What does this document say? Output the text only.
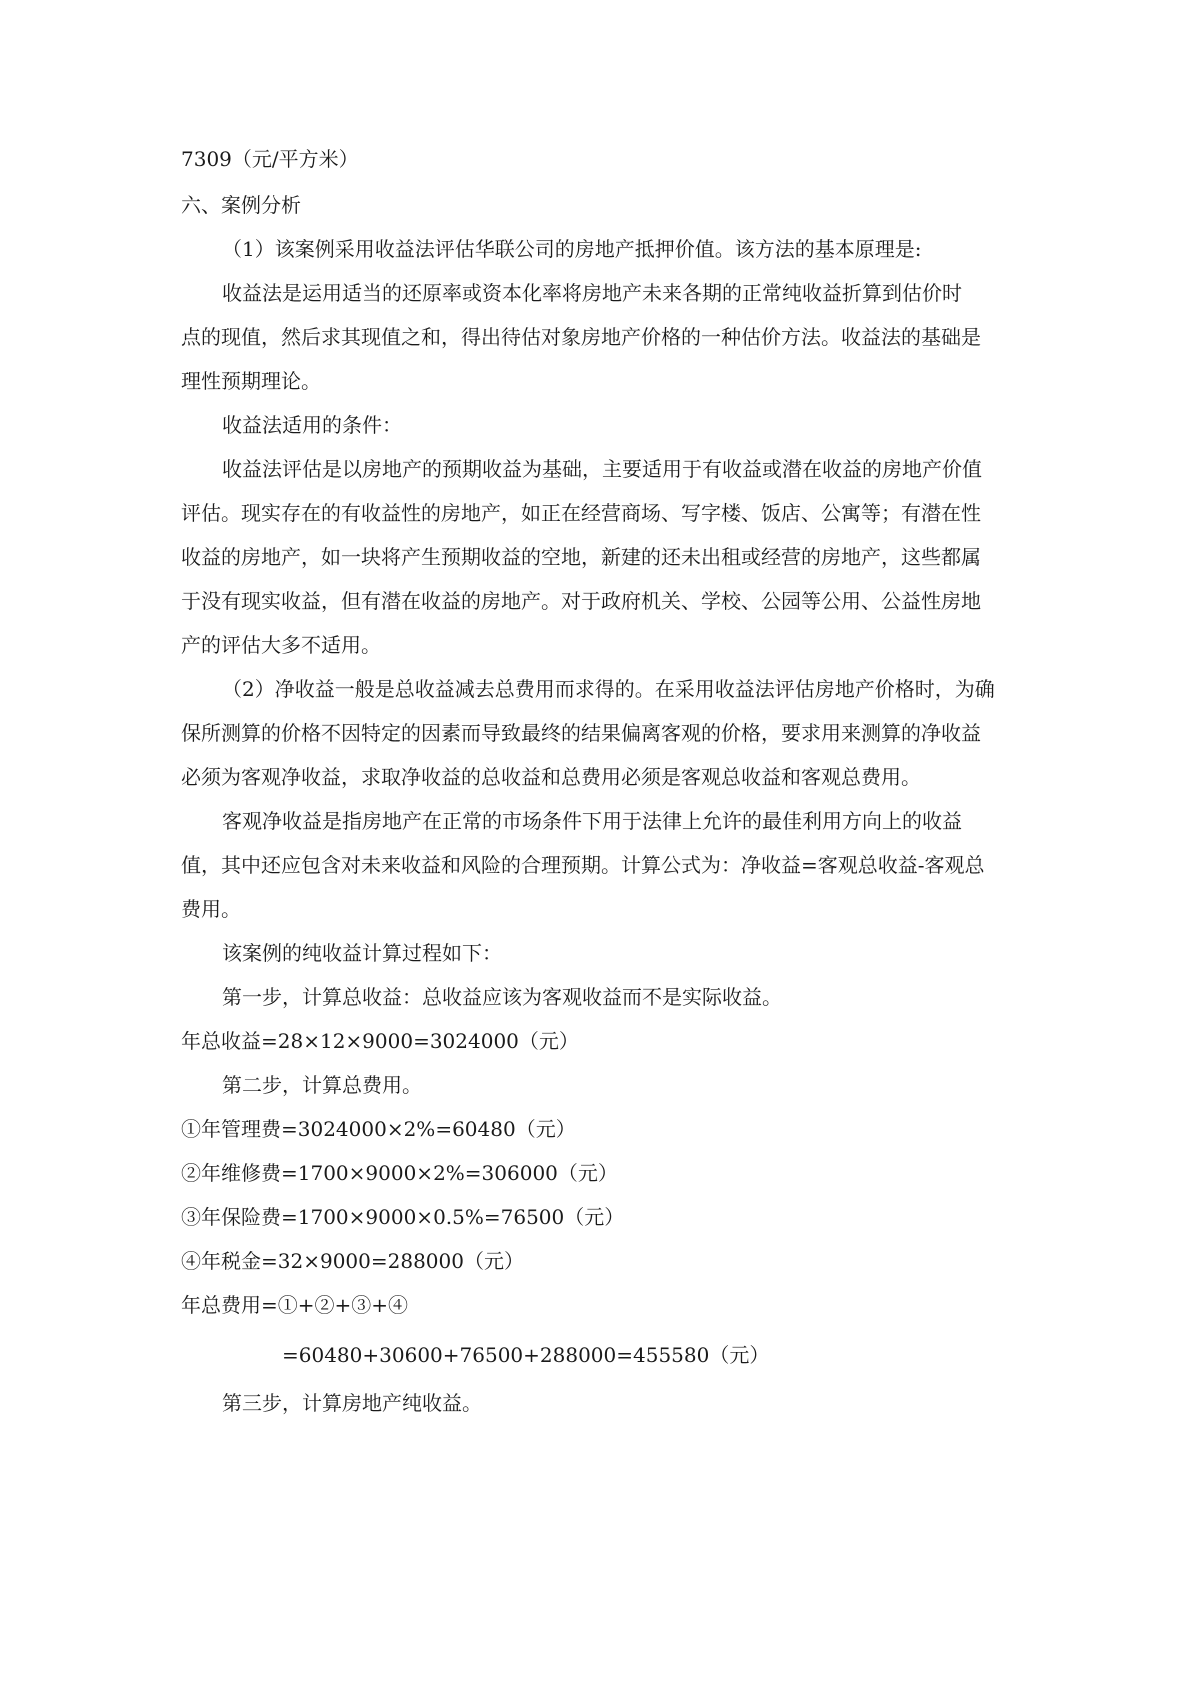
7309（元/平方米）
六、案例分析
（1）该案例采用收益法评估华联公司的房地产抵押价值。该方法的基本原理是:
收益法是运用适当的还原率或资本化率将房地产未来各期的正常纯收益折算到估价时
点的现值，然后求其现值之和，得出待估对象房地产价格的一种估价方法。收益法的基础是
理性预期理论。
收益法适用的条件：
收益法评估是以房地产的预期收益为基础，主要适用于有收益或潜在收益的房地产价值
评估。现实存在的有收益性的房地产，如正在经营商场、写字楼、饭店、公寓等；有潜在性
收益的房地产，如一块将产生预期收益的空地，新建的还未出租或经营的房地产，这些都属
于没有现实收益，但有潜在收益的房地产。对于政府机关、学校、公园等公用、公益性房地
产的评估大多不适用。
（2）净收益一般是总收益减去总费用而求得的。在采用收益法评估房地产价格时，为确
保所测算的价格不因特定的因素而导致最终的结果偏离客观的价格，要求用来测算的净收益
必须为客观净收益，求取净收益的总收益和总费用必须是客观总收益和客观总费用。
客观净收益是指房地产在正常的市场条件下用于法律上允许的最佳利用方向上的收益
值，其中还应包含对未来收益和风险的合理预期。计算公式为：净收益=客观总收益-客观总
费用。
该案例的纯收益计算过程如下：
第一步，计算总收益：总收益应该为客观收益而不是实际收益。
年总收益=28×12×9000=3024000（元）
第二步，计算总费用。
①年管理费=3024000×2%=60480（元）
②年维修费=1700×9000×2%=306000（元）
③年保险费=1700×9000×0.5%=76500（元）
④年税金=32×9000=288000（元）
年总费用=①+②+③+④
=60480+30600+76500+288000=455580（元）
第三步，计算房地产纯收益。
